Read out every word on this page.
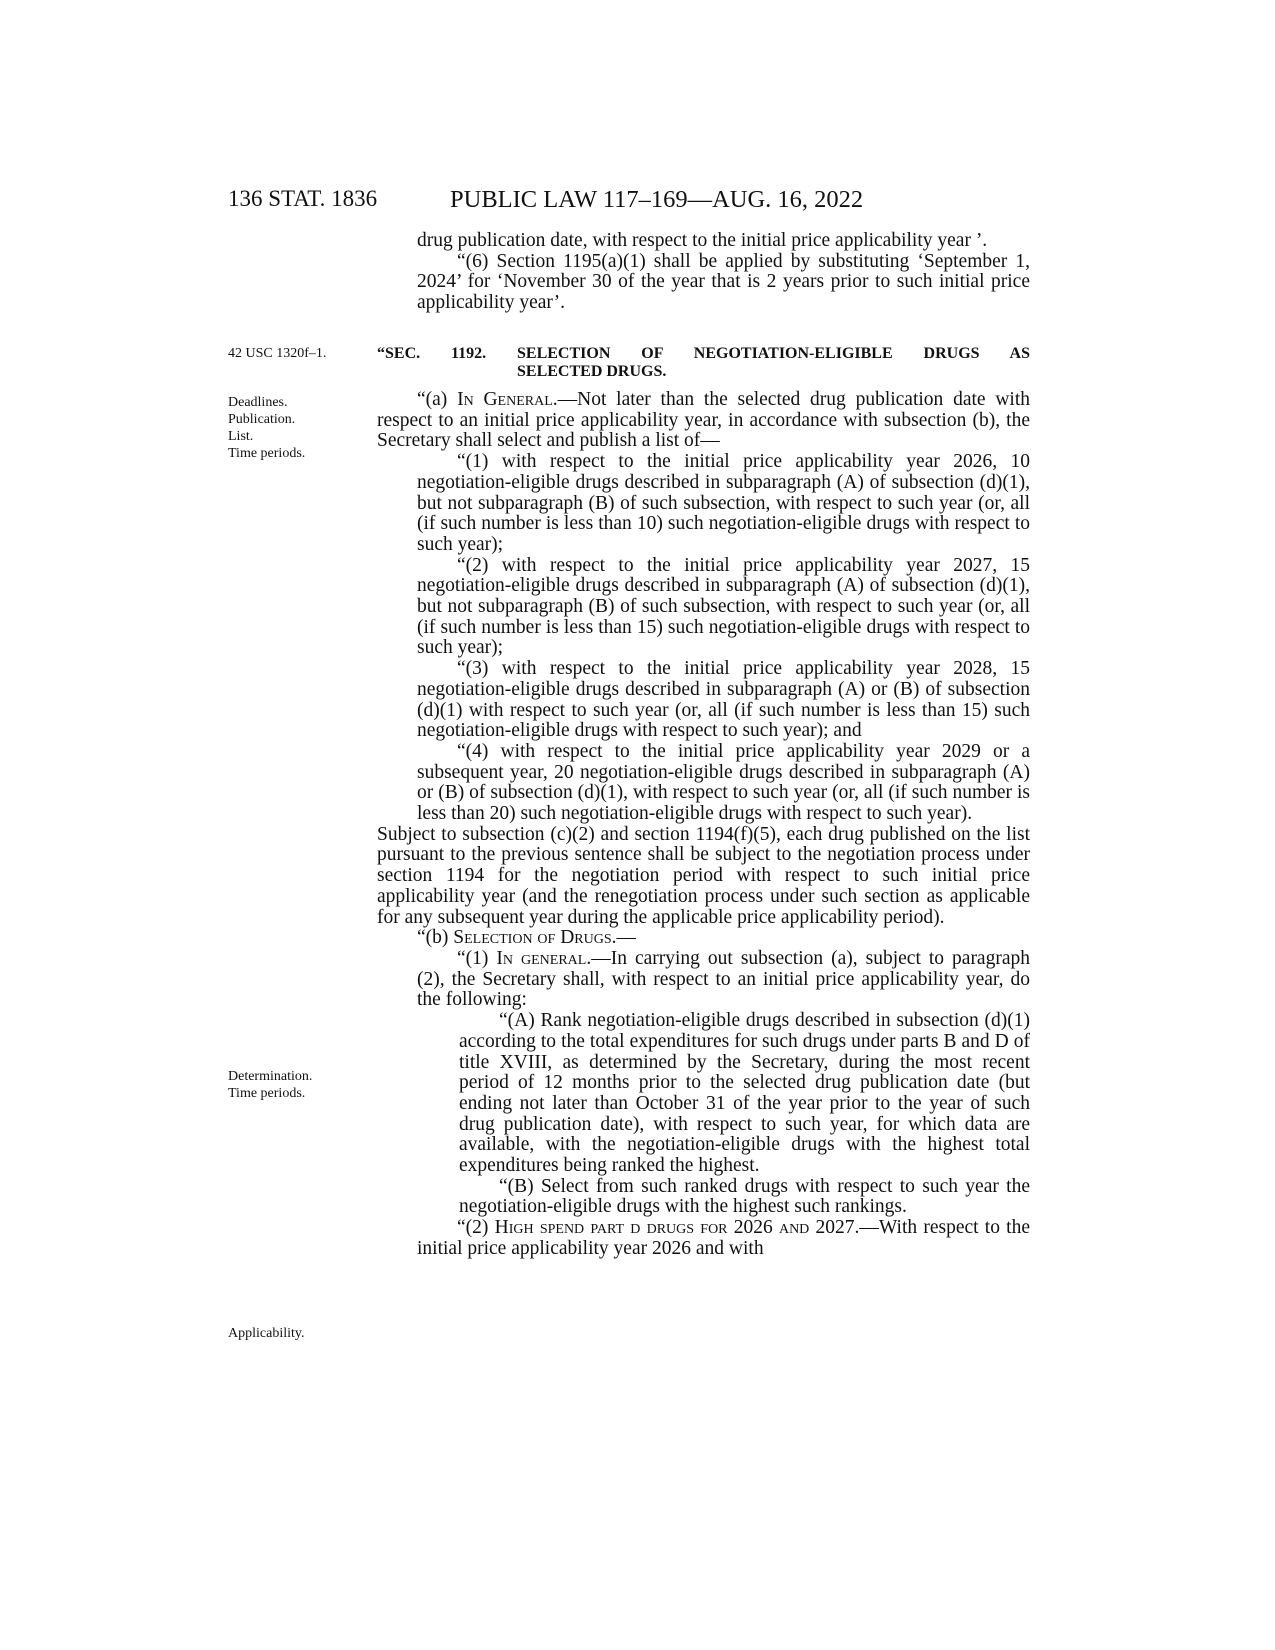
136 STAT. 1836	PUBLIC LAW 117–169—AUG. 16, 2022
42 USC 1320f–1.
Deadlines.
Publication.
List.
Time periods.
Determination.
Time periods.
Applicability.

drug publication date, with respect to the initial price applicability year ’.

“(6) Section 1195(a)(1) shall be applied by substituting ‘September 1, 2024’ for ‘November 30 of the year that is 2 years prior to such initial price applicability year’.

“SEC. 1192. SELECTION OF NEGOTIATION-ELIGIBLE DRUGS AS
SELECTED DRUGS.

“(a) In General.—Not later than the selected drug publication date with respect to an initial price applicability year, in accordance with subsection (b), the Secretary shall select and publish a list of—

“(1) with respect to the initial price applicability year 2026, 10 negotiation-eligible drugs described in subparagraph (A) of subsection (d)(1), but not subparagraph (B) of such subsection, with respect to such year (or, all (if such number is less than 10) such negotiation-eligible drugs with respect to such year);

“(2) with respect to the initial price applicability year 2027, 15 negotiation-eligible drugs described in subparagraph (A) of subsection (d)(1), but not subparagraph (B) of such subsection, with respect to such year (or, all (if such number is less than 15) such negotiation-eligible drugs with respect to such year);

“(3) with respect to the initial price applicability year 2028, 15 negotiation-eligible drugs described in subparagraph (A) or (B) of subsection (d)(1) with respect to such year (or, all (if such number is less than 15) such negotiation-eligible drugs with respect to such year); and

“(4) with respect to the initial price applicability year 2029 or a subsequent year, 20 negotiation-eligible drugs described in subparagraph (A) or (B) of subsection (d)(1), with respect to such year (or, all (if such number is less than 20) such negotiation-eligible drugs with respect to such year).

Subject to subsection (c)(2) and section 1194(f)(5), each drug published on the list pursuant to the previous sentence shall be subject to the negotiation process under section 1194 for the negotiation period with respect to such initial price applicability year (and the renegotiation process under such section as applicable for any subsequent year during the applicable price applicability period).

“(b) Selection of Drugs.—

“(1) In general.—In carrying out subsection (a), subject to paragraph (2), the Secretary shall, with respect to an initial price applicability year, do the following:

“(A) Rank negotiation-eligible drugs described in subsection (d)(1) according to the total expenditures for such drugs under parts B and D of title XVIII, as determined by the Secretary, during the most recent period of 12 months prior to the selected drug publication date (but ending not later than October 31 of the year prior to the year of such drug publication date), with respect to such year, for which data are available, with the negotiation-eligible drugs with the highest total expenditures being ranked the highest.

“(B) Select from such ranked drugs with respect to such year the negotiation-eligible drugs with the highest such rankings.

“(2) High spend part d drugs for 2026 and 2027.—With respect to the initial price applicability year 2026 and with
